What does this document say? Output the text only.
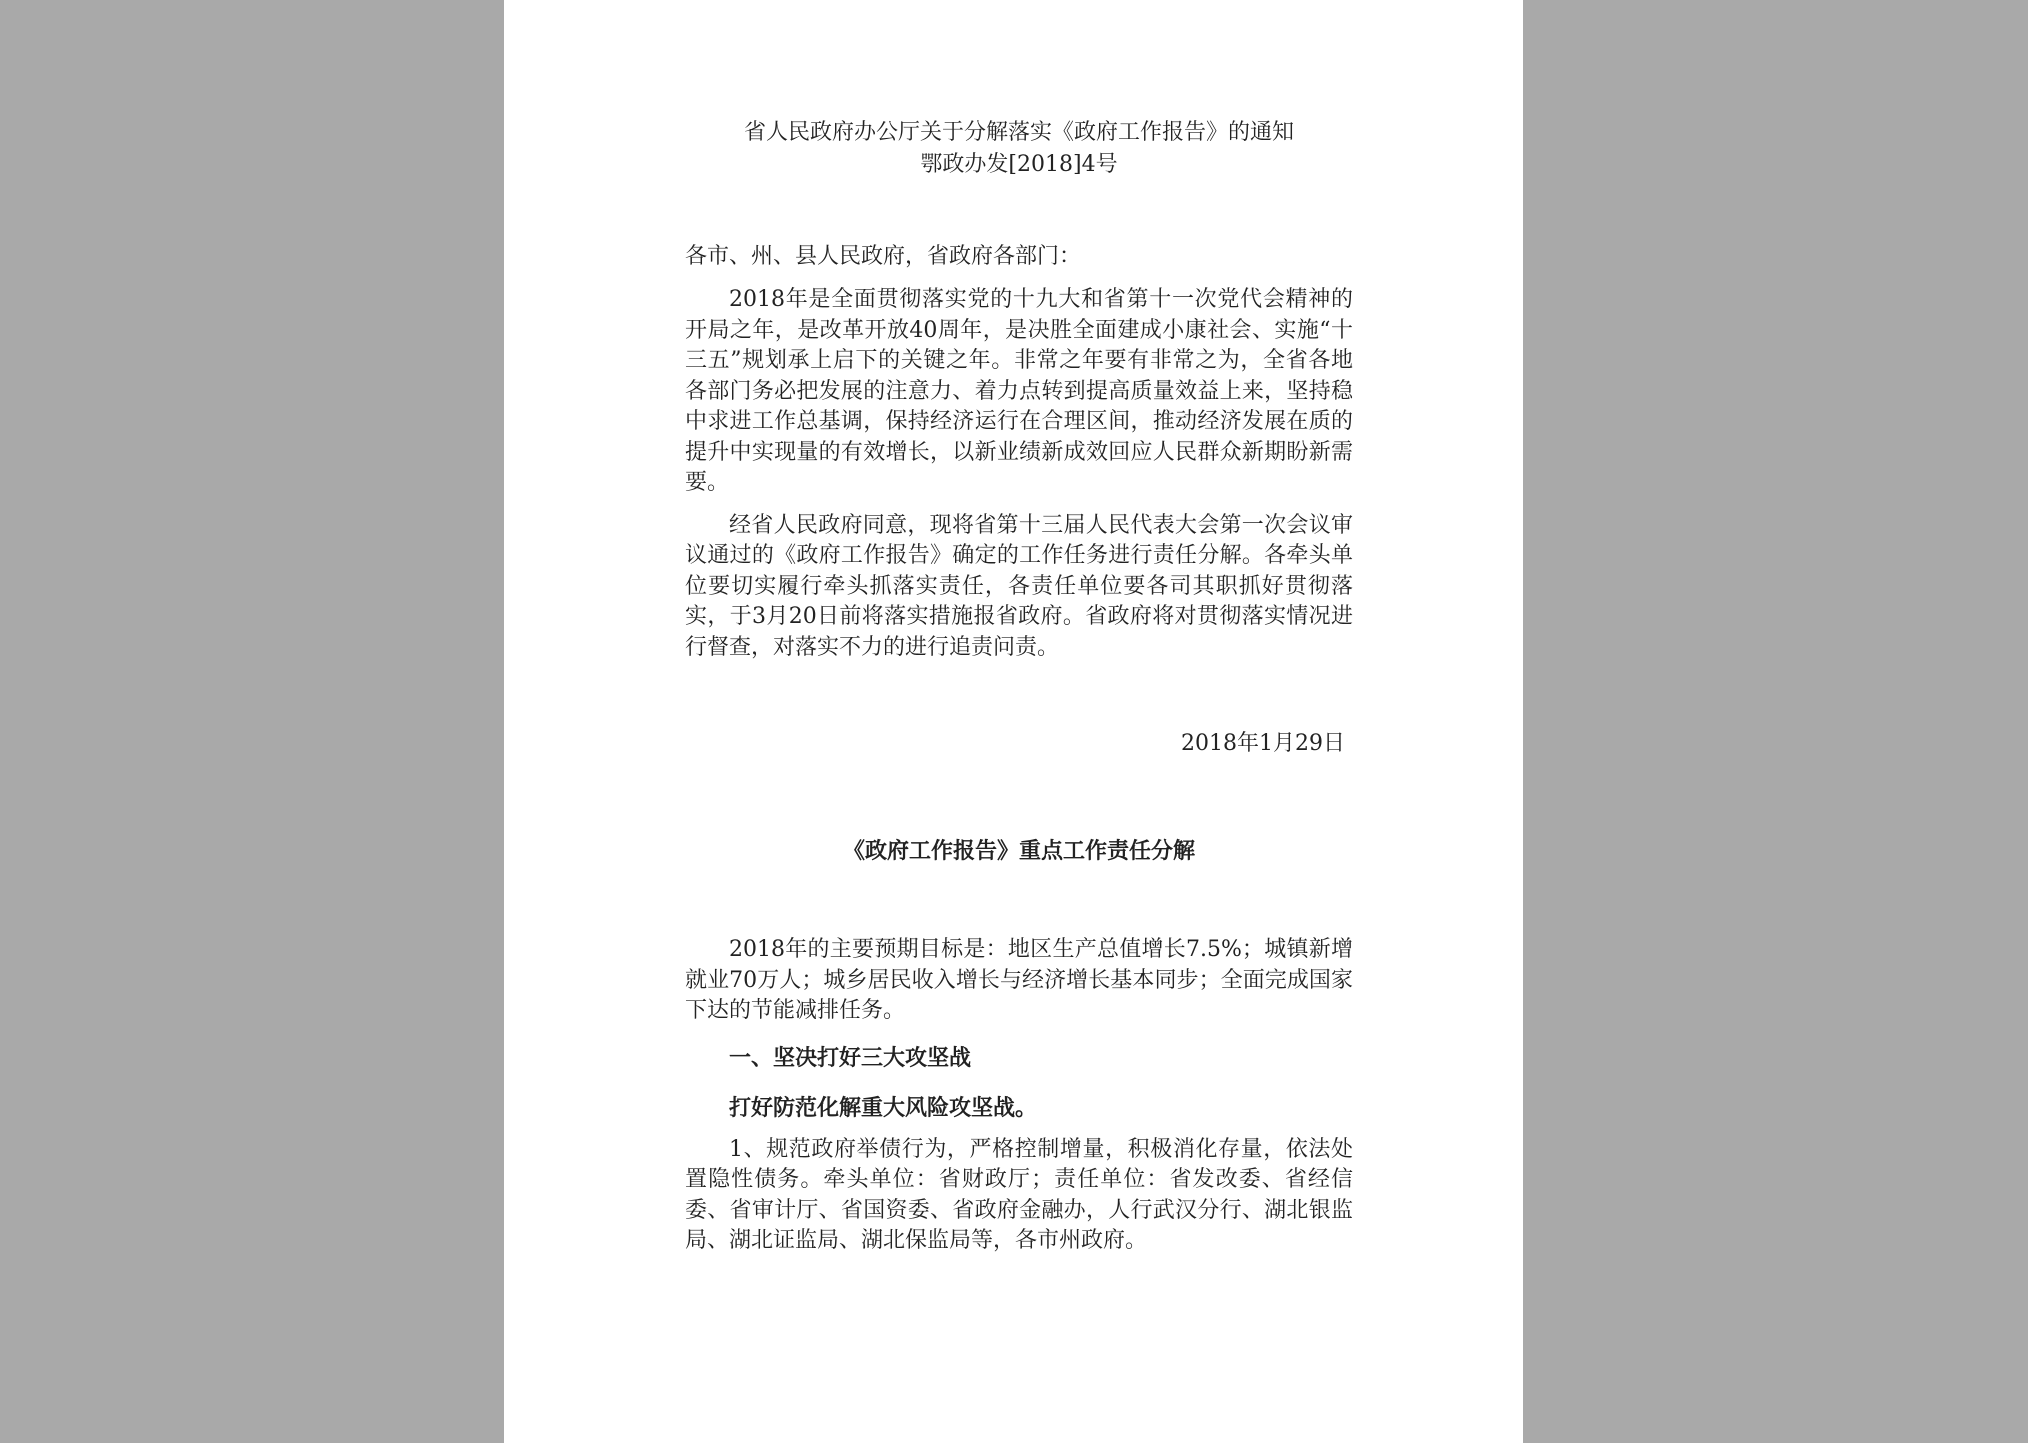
省人民政府办公厅关于分解落实《政府工作报告》的通知
鄂政办发[2018]4号
各市、州、县人民政府，省政府各部门：

2018年是全面贯彻落实党的十九大和省第十一次党代会精神的开局之年，是改革开放40周年，是决胜全面建成小康社会、实施“十三五”规划承上启下的关键之年。非常之年要有非常之为，全省各地各部门务必把发展的注意力、着力点转到提高质量效益上来，坚持稳中求进工作总基调，保持经济运行在合理区间，推动经济发展在质的提升中实现量的有效增长，以新业绩新成效回应人民群众新期盼新需要。

经省人民政府同意，现将省第十三届人民代表大会第一次会议审议通过的《政府工作报告》确定的工作任务进行责任分解。各牵头单位要切实履行牵头抓落实责任，各责任单位要各司其职抓好贯彻落实，于3月20日前将落实措施报省政府。省政府将对贯彻落实情况进行督查，对落实不力的进行追责问责。

2018年1月29日
《政府工作报告》重点工作责任分解

2018年的主要预期目标是：地区生产总值增长7.5%；城镇新增就业70万人；城乡居民收入增长与经济增长基本同步；全面完成国家下达的节能减排任务。

一、坚决打好三大攻坚战
打好防范化解重大风险攻坚战。

1、规范政府举债行为，严格控制增量，积极消化存量，依法处置隐性债务。牵头单位：省财政厅；责任单位：省发改委、省经信委、省审计厅、省国资委、省政府金融办，人行武汉分行、湖北银监局、湖北证监局、湖北保监局等，各市州政府。
